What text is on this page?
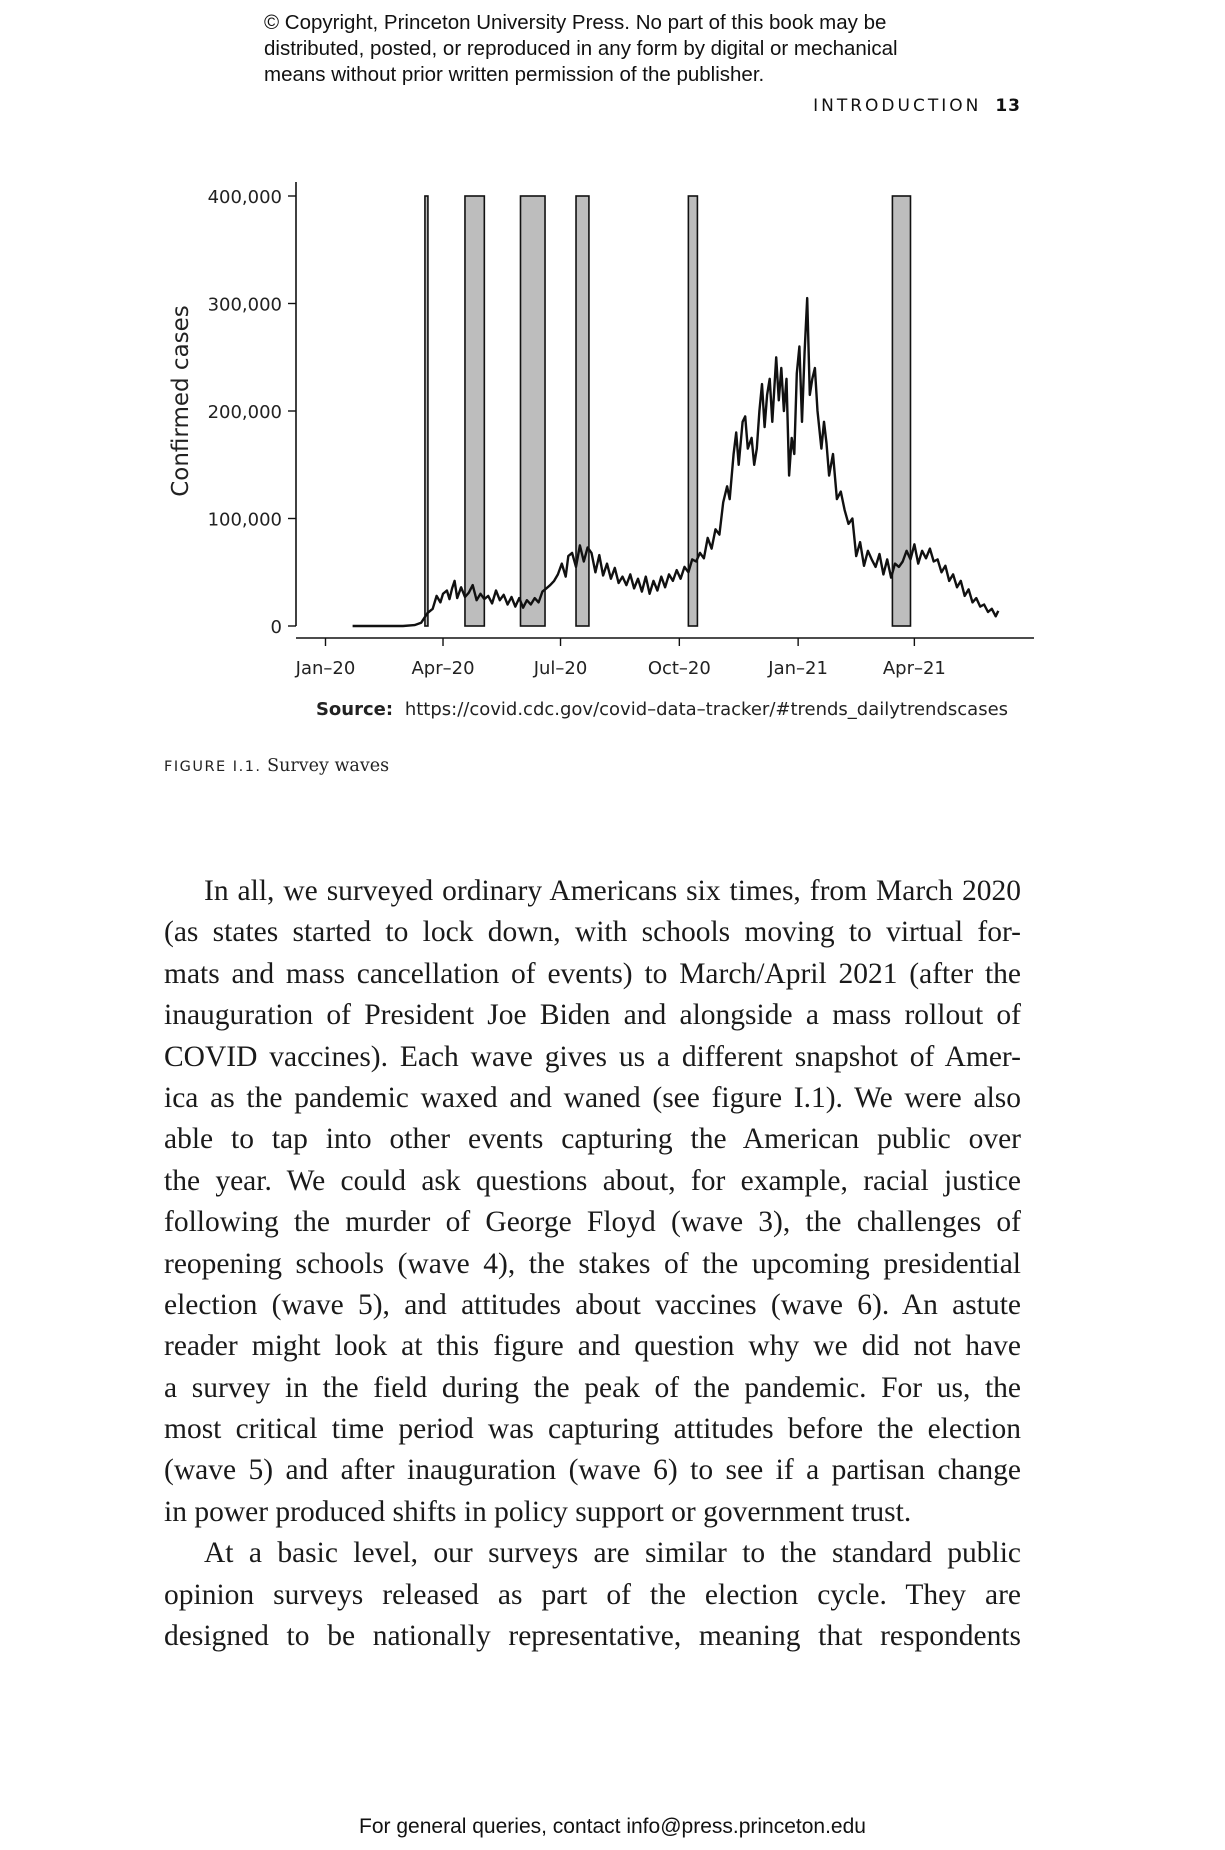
© Copyright, Princeton University Press. No part of this book may be
distributed, posted, or reproduced in any form by digital or mechanical
means without prior written permission of the publisher.
INTRODUCTION 13
0
100,000
200,000
300,000
400,000
Jan–20	Apr–20	Jul–20	Oct–20	Jan–21	Apr–21
Confirmed cases
Source: https://covid.cdc.gov/covid–data–tracker/#trends_dailytrendscases
FIGURE I.1. Survey waves
In all, we surveyed ordinary Americans six times, from March 2020
(as states started to lock down, with schools moving to virtual for-
mats and mass cancellation of events) to March/April 2021 (after the
inauguration of President Joe Biden and alongside a mass rollout of
COVID vaccines). Each wave gives us a different snapshot of Amer-
ica as the pandemic waxed and waned (see figure I.1). We were also
able to tap into other events capturing the American public over
the year. We could ask questions about, for example, racial justice
following the murder of George Floyd (wave 3), the challenges of
reopening schools (wave 4), the stakes of the upcoming presidential
election (wave 5), and attitudes about vaccines (wave 6). An astute
reader might look at this figure and question why we did not have
a survey in the field during the peak of the pandemic. For us, the
most critical time period was capturing attitudes before the election
(wave 5) and after inauguration (wave 6) to see if a partisan change
in power produced shifts in policy support or government trust.
At a basic level, our surveys are similar to the standard public
opinion surveys released as part of the election cycle. They are
designed to be nationally representative, meaning that respondents
For general queries, contact info@press.princeton.edu
